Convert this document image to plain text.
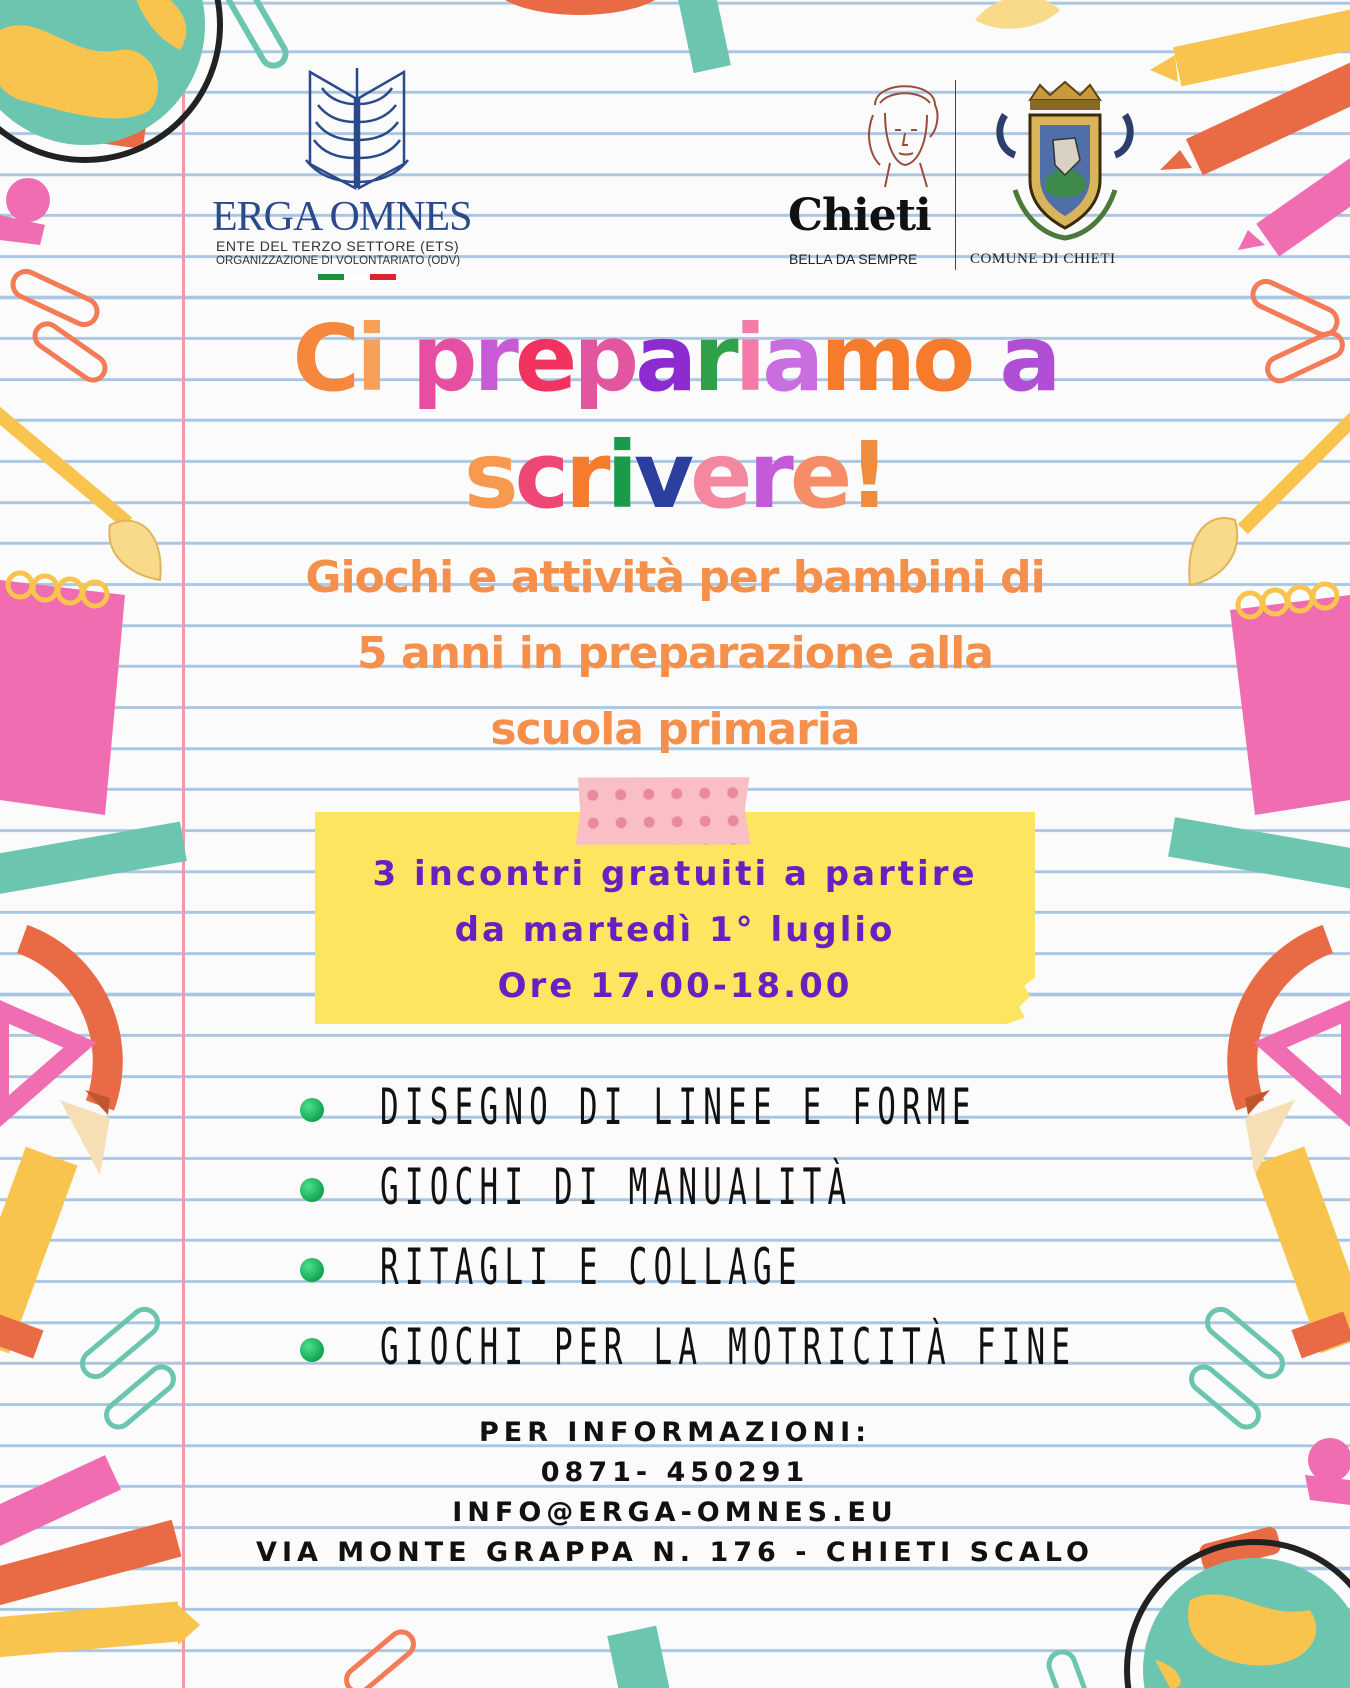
ERGA OMNES
ENTE DEL TERZO SETTORE (ETS)
ORGANIZZAZIONE DI VOLONTARIATO (ODV)
Chieti
BELLA DA SEMPRE	COMUNE DI CHIETI
Ci prepariamo a
scrivere!
Giochi e attività per bambini di
5 anni in preparazione alla
scuola primaria
3 incontri gratuiti a partire
da martedì 1° luglio
Ore 17.00-18.00
DISEGNO DI LINEE E FORME
GIOCHI DI MANUALITÀ
RITAGLI E COLLAGE
GIOCHI PER LA MOTRICITÀ FINE
PER INFORMAZIONI:
0871- 450291
INFO@ERGA-OMNES.EU
VIA MONTE GRAPPA N. 176 - CHIETI SCALO
